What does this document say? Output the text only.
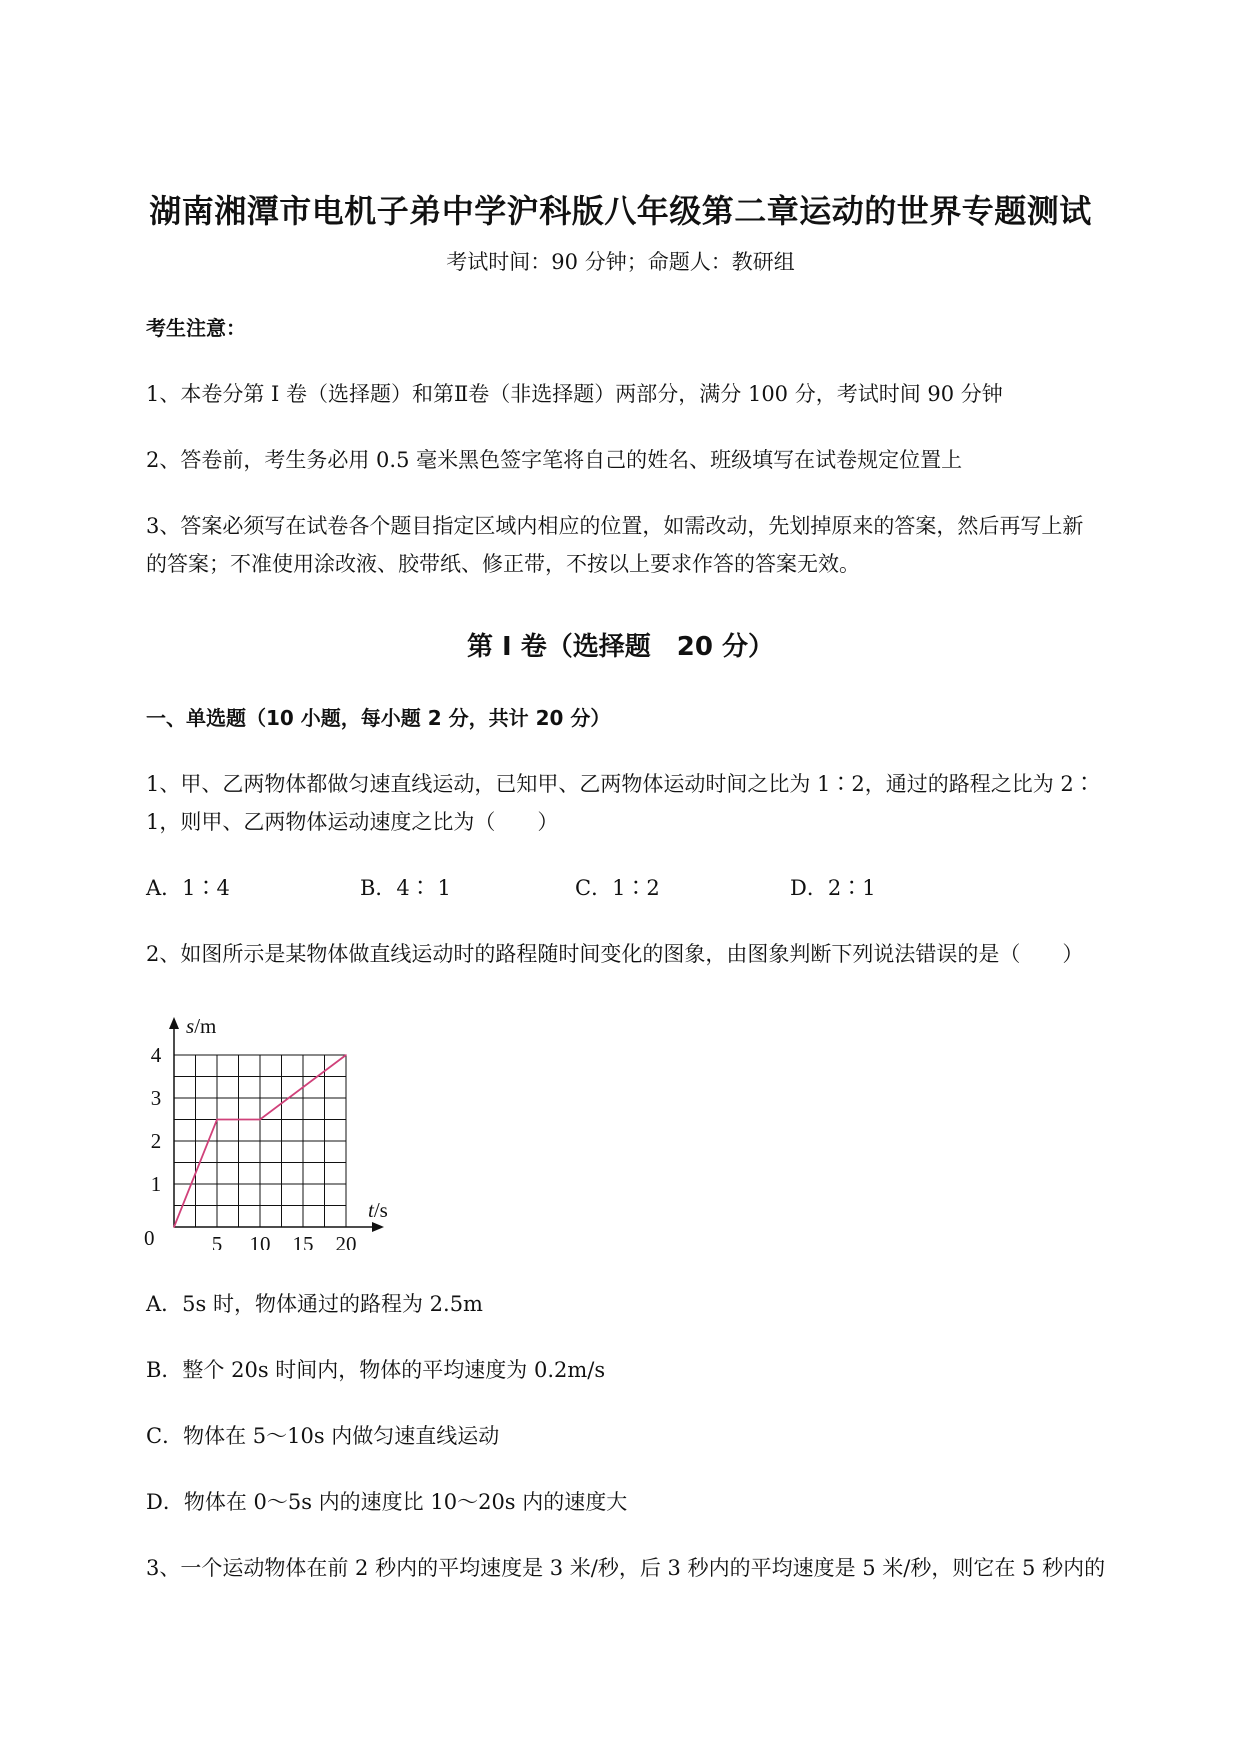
湖南湘潭市电机子弟中学沪科版八年级第二章运动的世界专题测试
考试时间：90 分钟；命题人：教研组
考生注意：
1、本卷分第 I 卷（选择题）和第Ⅱ卷（非选择题）两部分，满分 100 分，考试时间 90 分钟
2、答卷前，考生务必用 0.5 毫米黑色签字笔将自己的姓名、班级填写在试卷规定位置上
3、答案必须写在试卷各个题目指定区域内相应的位置，如需改动，先划掉原来的答案，然后再写上新
的答案；不准使用涂改液、胶带纸、修正带，不按以上要求作答的答案无效。
第 I 卷（选择题　20 分）
一、单选题（10 小题，每小题 2 分，共计 20 分）
1、甲、乙两物体都做匀速直线运动，已知甲、乙两物体运动时间之比为 1∶2，通过的路程之比为 2∶
1，则甲、乙两物体运动速度之比为（　　）
A．1∶4	B．4∶ 1	C．1∶2	D．2∶1
2、如图所示是某物体做直线运动时的路程随时间变化的图象，由图象判断下列说法错误的是（　　）
5 10 15 20
1
2
3
4
0
s/m
t/s
A．5s 时，物体通过的路程为 2.5m
B．整个 20s 时间内，物体的平均速度为 0.2m/s
C．物体在 5～10s 内做匀速直线运动
D．物体在 0～5s 内的速度比 10～20s 内的速度大
3、一个运动物体在前 2 秒内的平均速度是 3 米/秒，后 3 秒内的平均速度是 5 米/秒，则它在 5 秒内的
